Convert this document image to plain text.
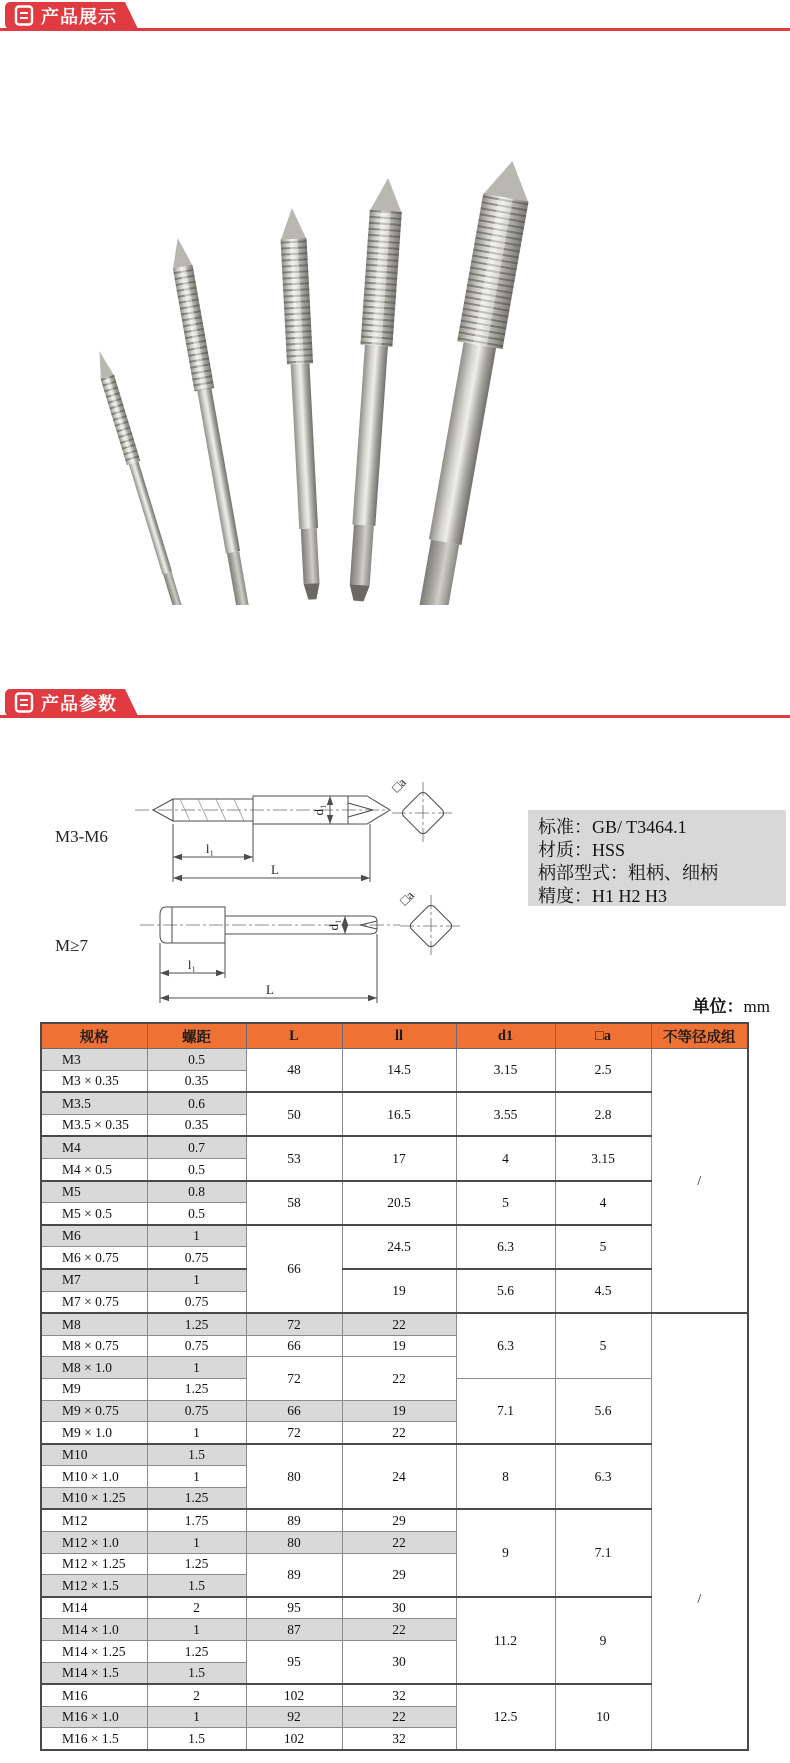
产品展示
产品参数
M3-M6
d₁
l₁
L
□a
M≥7
d₁
l₁
L
□a
标准：GB/ T3464.1
材质：HSS
柄部型式：粗柄、细柄
精度：H1 H2 H3
单位：mm
规格	螺距	L	ll	d1	□a	不等径成组
M3	0.5	48	14.5	3.15	2.5	/
M3 × 0.35	0.35					
M3.5	0.6	50	16.5	3.55	2.8	
M3.5 × 0.35	0.35					
M4	0.7	53	17	4	3.15	
M4 × 0.5	0.5					
M5	0.8	58	20.5	5	4	
M5 × 0.5	0.5					
M6	1	66	24.5	6.3	5	
M6 × 0.75	0.75					
M7	1		19	5.6	4.5	
M7 × 0.75	0.75					
M8	1.25	72	22	6.3	5	/
M8 × 0.75	0.75	66	19			
M8 × 1.0	1	72	22			
M9	1.25			7.1	5.6	
M9 × 0.75	0.75	66	19			
M9 × 1.0	1	72	22			
M10	1.5	80	24	8	6.3	
M10 × 1.0	1					
M10 × 1.25	1.25					
M12	1.75	89	29	9	7.1	
M12 × 1.0	1	80	22			
M12 × 1.25	1.25	89	29			
M12 × 1.5	1.5					
M14	2	95	30	11.2	9	
M14 × 1.0	1	87	22			
M14 × 1.25	1.25	95	30			
M14 × 1.5	1.5					
M16	2	102	32	12.5	10	
M16 × 1.0	1	92	22			
M16 × 1.5	1.5	102	32			
